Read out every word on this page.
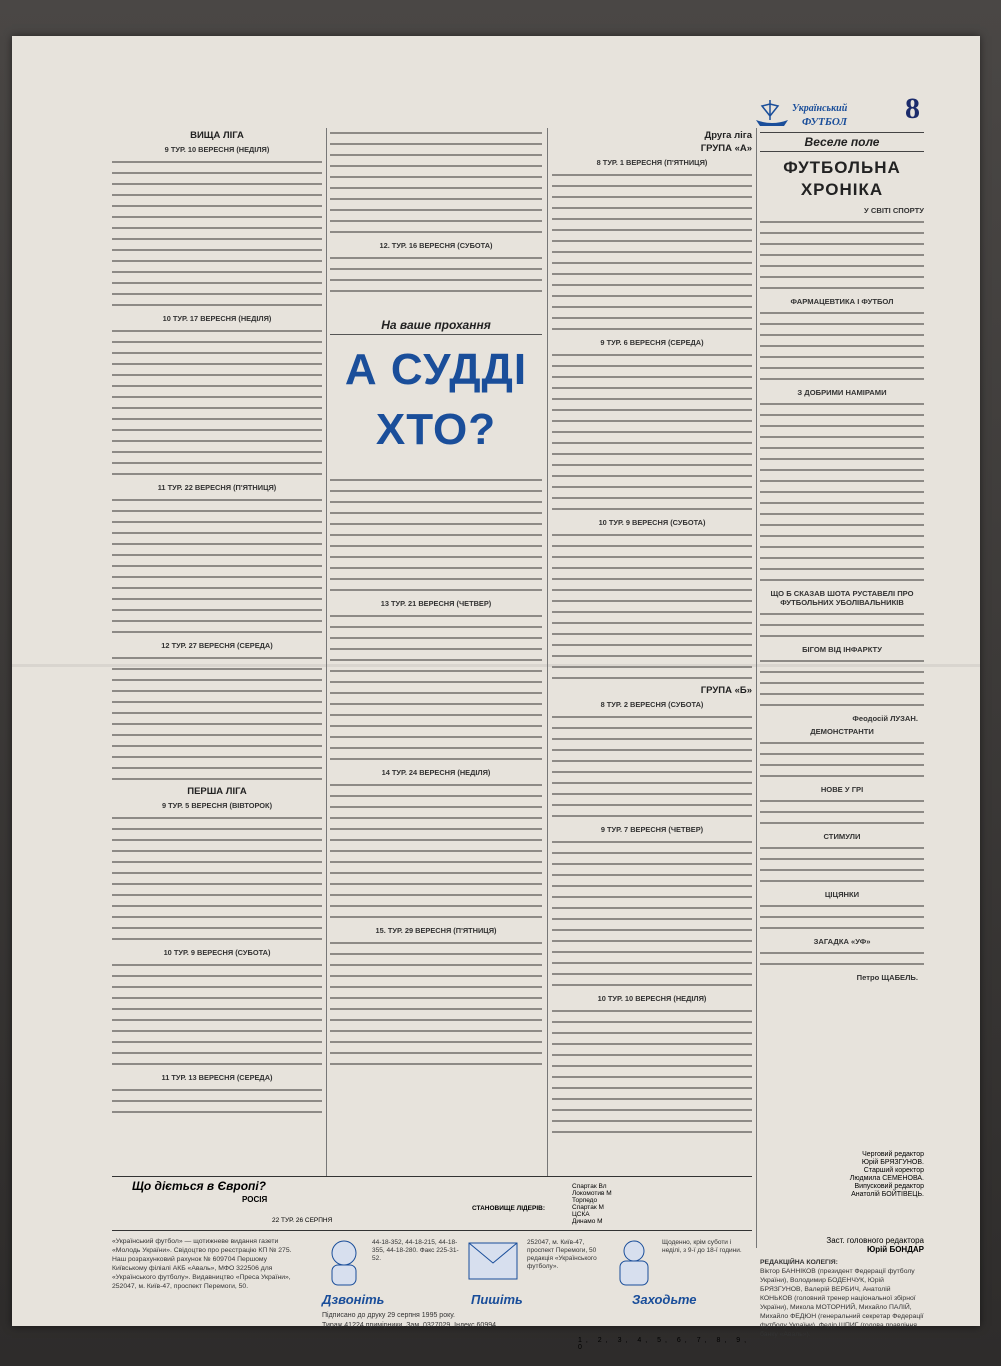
Український
ФУТБОЛ 8
ВИЩА ЛІГА
9 ТУР. 10 ВЕРЕСНЯ (НЕДІЛЯ)
10 ТУР. 17 ВЕРЕСНЯ (НЕДІЛЯ)
11 ТУР. 22 ВЕРЕСНЯ (П'ЯТНИЦЯ)
12 ТУР. 27 ВЕРЕСНЯ (СЕРЕДА)
ПЕРША ЛІГА
9 ТУР. 5 ВЕРЕСНЯ (ВІВТОРОК)
10 ТУР. 9 ВЕРЕСНЯ (СУБОТА)
11 ТУР. 13 ВЕРЕСНЯ (СЕРЕДА)
12. ТУР. 16 ВЕРЕСНЯ (СУБОТА)
13 ТУР. 21 ВЕРЕСНЯ (ЧЕТВЕР)
14 ТУР. 24 ВЕРЕСНЯ (НЕДІЛЯ)
15. ТУР. 29 ВЕРЕСНЯ (П'ЯТНИЦЯ)
На ваше прохання
А СУДДІ
ХТО?
Друга ліга
ГРУПА «А»
8 ТУР. 1 ВЕРЕСНЯ (П'ЯТНИЦЯ)
9 ТУР. 6 ВЕРЕСНЯ (СЕРЕДА)
10 ТУР. 9 ВЕРЕСНЯ (СУБОТА)
ГРУПА «Б»
8 ТУР. 2 ВЕРЕСНЯ (СУБОТА)
9 ТУР. 7 ВЕРЕСНЯ (ЧЕТВЕР)
10 ТУР. 10 ВЕРЕСНЯ (НЕДІЛЯ)
Веселе поле
ФУТБОЛЬНА
ХРОНІКА
У СВІТІ СПОРТУ
ФАРМАЦЕВТИКА І ФУТБОЛ
З ДОБРИМИ НАМІРАМИ
ЩО Б СКАЗАВ ШОТА РУСТАВЕЛІ ПРО ФУТБОЛЬНИХ УБОЛІВАЛЬНИКІВ
БІГОМ ВІД ІНФАРКТУ
Феодосій ЛУЗАН.
ДЕМОНСТРАНТИ
НОВЕ У ГРІ
СТИМУЛИ
ЦІЦЯНКИ
ЗАГАДКА «УФ»
Петро ЩАБЕЛЬ.
Що діється в Європі?
РОСІЯ
22 ТУР. 26 СЕРПНЯ
СТАНОВИЩЕ ЛІДЕРІВ:
Спартак Вл
Локомотив М
Торпедо
Спартак М
ЦСКА
Динамо М
Черговий редактор
Юрій БРЯЗГУНОВ.
Старший коректор
Людмила СЕМЕНОВА.
Випусковий редактор
Анатолій БОЙТІВЕЦЬ.
«Український футбол» — щотижневе видання газети «Молодь України». Свідоцтво про реєстрацію КП № 275. Наш розрахунковий рахунок № 609704 Першому Київському філіалі АКБ «Аваль», МФО 322506 для «Українського футболу». Видавництво «Преса України», 252047, м. Київ-47, проспект Перемоги, 50.
44-18-352, 44-18-215, 44-18-355, 44-18-280. Факс 225-31-52.
Дзвоніть
252047, м. Київ-47, проспект Перемоги, 50 редакція «Українського футболу».
Пишіть
Щоденно, крім суботи і неділі, з 9-ї до 18-ї години.
Заходьте
Підписано до друку 29 серпня 1995 року.
Тираж 41224 примірники. Зам. 0327029. Індекс 60994.
1, 2, 3, 4, 5, 6, 7, 8, 9, 0
Заст. головного редактора
Юрій БОНДАР
РЕДАКЦІЙНА КОЛЕГІЯ:
Віктор БАННІКОВ (президент Федерації футболу України), Володимир БОДЕНЧУК, Юрій БРЯЗГУНОВ, Валерій ВЕРБИЧ, Анатолій КОНЬКОВ (головний тренер національної збірної України), Микола МОТОРНИЙ, Михайло ПАЛІЙ, Михайло ФЕДЮН (генеральний секретар Федерації футболу України), Федір ШПИГ (голова правління банку «Аваль»).
